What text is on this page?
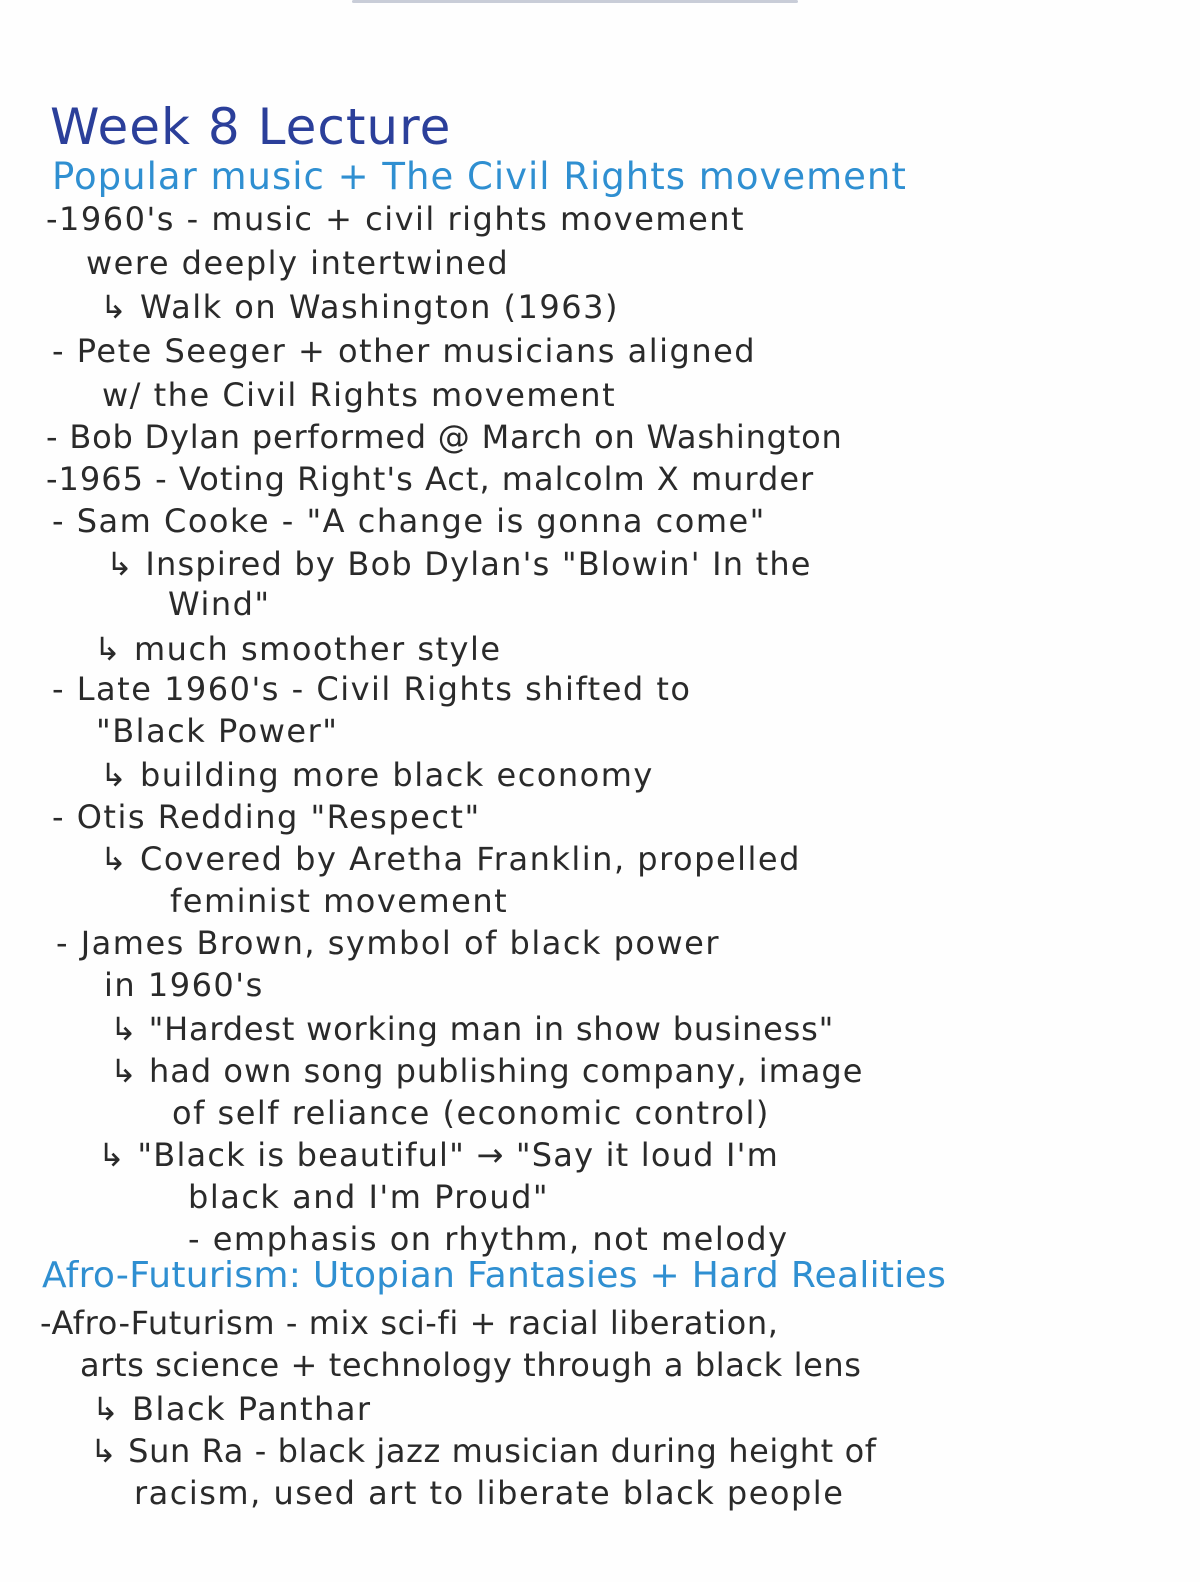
Week 8 Lecture
Popular music + The Civil Rights movement
-1960's - music + civil rights movement
were deeply intertwined
↳ Walk on Washington (1963)
- Pete Seeger + other musicians aligned
w/ the Civil Rights movement
- Bob Dylan performed @ March on Washington
-1965 - Voting Right's Act, malcolm X murder
- Sam Cooke - "A change is gonna come"
↳ Inspired by Bob Dylan's "Blowin' In the
Wind"
↳ much smoother style
- Late 1960's - Civil Rights shifted to
"Black Power"
↳ building more black economy
- Otis Redding "Respect"
↳ Covered by Aretha Franklin, propelled
feminist movement
- James Brown, symbol of black power
in 1960's
↳ "Hardest working man in show business"
↳ had own song publishing company, image
of self reliance (economic control)
↳ "Black is beautiful" → "Say it loud I'm
black and I'm Proud"
- emphasis on rhythm, not melody
Afro-Futurism: Utopian Fantasies + Hard Realities
-Afro-Futurism - mix sci-fi + racial liberation,
arts science + technology through a black lens
↳ Black Panthar
↳ Sun Ra - black jazz musician during height of
racism, used art to liberate black people
